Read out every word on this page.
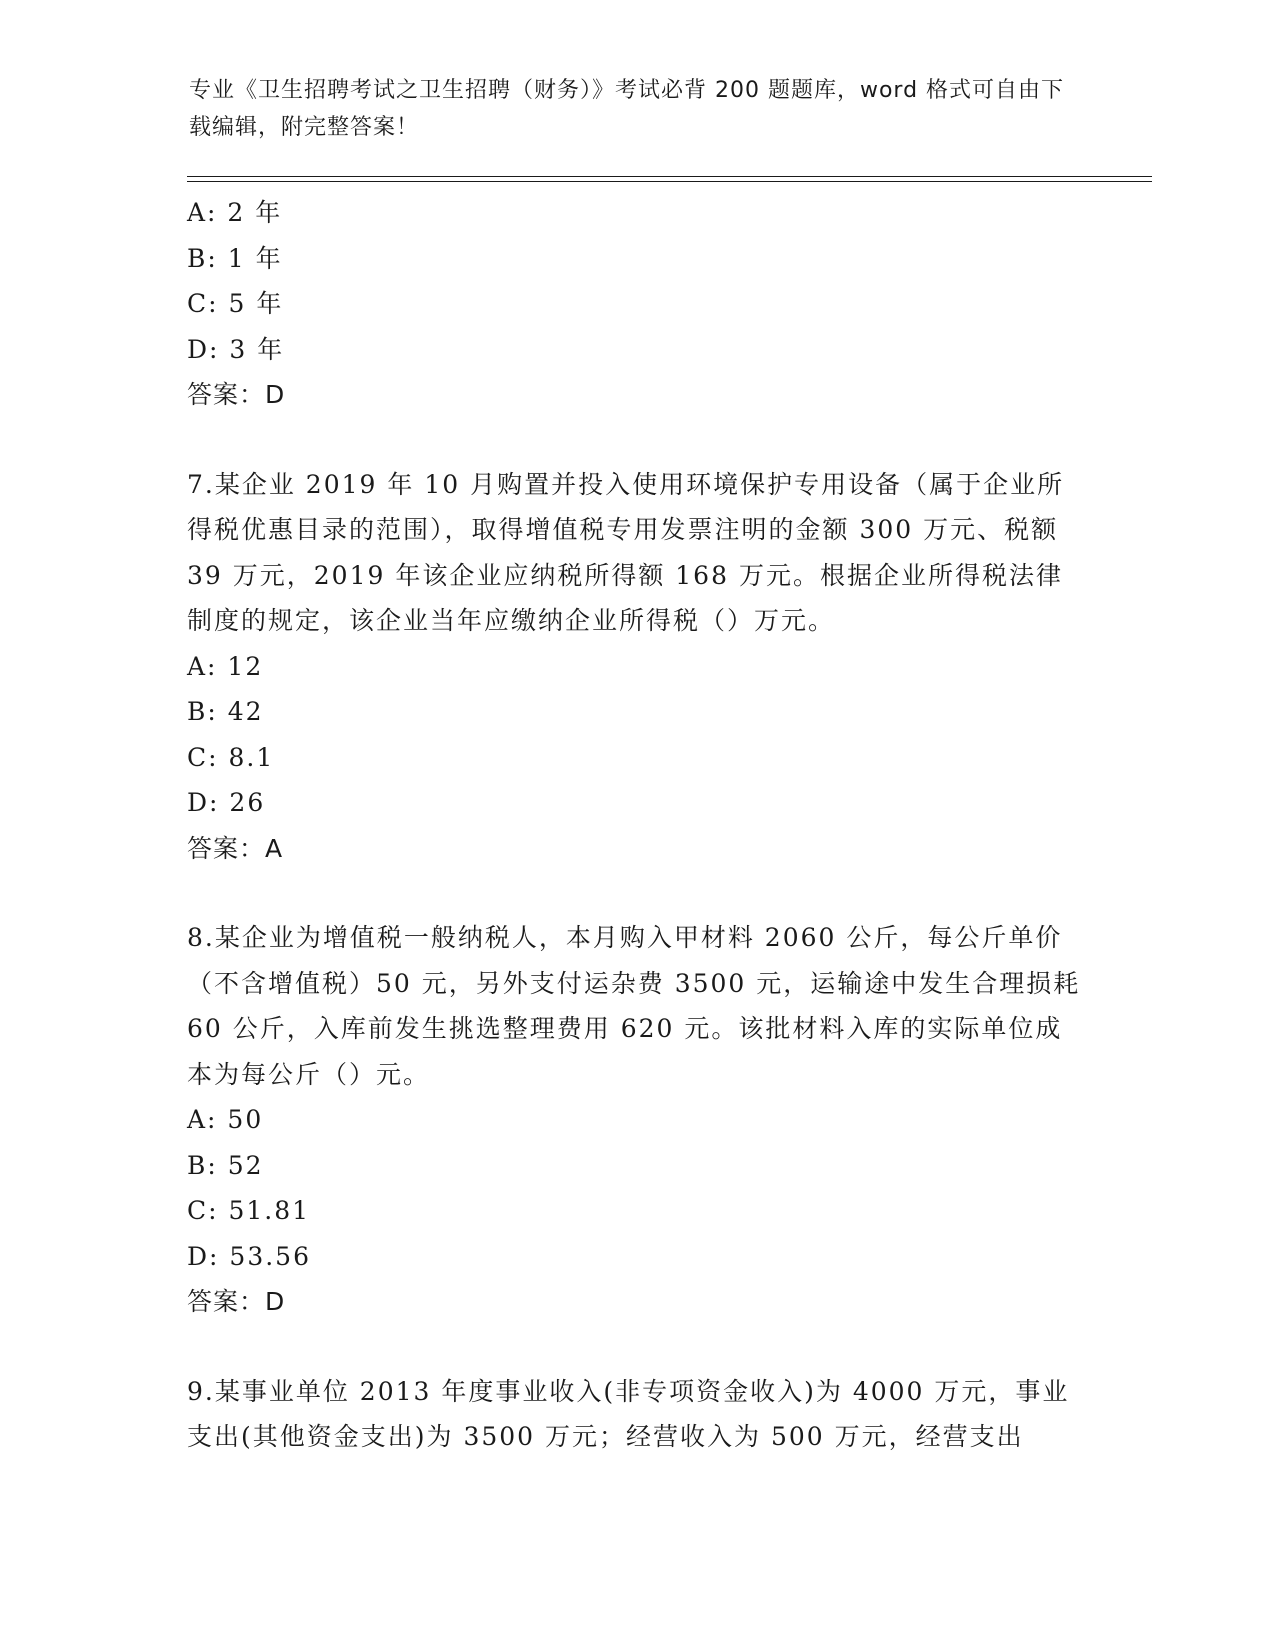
专业《卫生招聘考试之卫生招聘（财务）》考试必背 200 题题库，word 格式可自由下载编辑，附完整答案！
A: 2 年
B: 1 年
C: 5 年
D: 3 年
答案：D
7.某企业 2019 年 10 月购置并投入使用环境保护专用设备（属于企业所得税优惠目录的范围），取得增值税专用发票注明的金额 300 万元、税额 39 万元，2019 年该企业应纳税所得额 168 万元。根据企业所得税法律制度的规定，该企业当年应缴纳企业所得税（）万元。
A: 12
B: 42
C: 8.1
D: 26
答案：A
8.某企业为增值税一般纳税人，本月购入甲材料 2060 公斤，每公斤单价（不含增值税）50 元，另外支付运杂费 3500 元，运输途中发生合理损耗 60 公斤，入库前发生挑选整理费用 620 元。该批材料入库的实际单位成本为每公斤（）元。
A: 50
B: 52
C: 51.81
D: 53.56
答案：D
9.某事业单位 2013 年度事业收入(非专项资金收入)为 4000 万元，事业支出(其他资金支出)为 3500 万元；经营收入为 500 万元，经营支出
